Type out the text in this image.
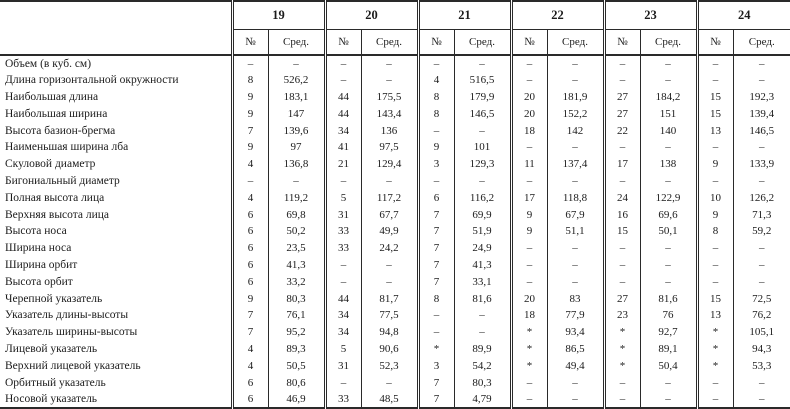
	19		20		21		22		23		24	
	№	Сред.	№	Сред.	№	Сред.	№	Сред.	№	Сред.	№	Сред.
Объем (в куб. см)	–	–	–	–	–	–	–	–	–	–	–	–
Длина горизонтальной окружности	8	526,2	–	–	4	516,5	–	–	–	–	–	–
Наибольшая длина	9	183,1	44	175,5	8	179,9	20	181,9	27	184,2	15	192,3
Наибольшая ширина	9	147	44	143,4	8	146,5	20	152,2	27	151	15	139,4
Высота базион-брегма	7	139,6	34	136	–	–	18	142	22	140	13	146,5
Наименьшая ширина лба	9	97	41	97,5	9	101	–	–	–	–	–	–
Скуловой диаметр	4	136,8	21	129,4	3	129,3	11	137,4	17	138	9	133,9
Бигониальный диаметр	–	–	–	–	–	–	–	–	–	–	–	–
Полная высота лица	4	119,2	5	117,2	6	116,2	17	118,8	24	122,9	10	126,2
Верхняя высота лица	6	69,8	31	67,7	7	69,9	9	67,9	16	69,6	9	71,3
Высота носа	6	50,2	33	49,9	7	51,9	9	51,1	15	50,1	8	59,2
Ширина носа	6	23,5	33	24,2	7	24,9	–	–	–	–	–	–
Ширина орбит	6	41,3	–	–	7	41,3	–	–	–	–	–	–
Высота орбит	6	33,2	–	–	7	33,1	–	–	–	–	–	–
Черепной указатель	9	80,3	44	81,7	8	81,6	20	83	27	81,6	15	72,5
Указатель длины-высоты	7	76,1	34	77,5	–	–	18	77,9	23	76	13	76,2
Указатель ширины-высоты	7	95,2	34	94,8	–	–	*	93,4	*	92,7	*	105,1
Лицевой указатель	4	89,3	5	90,6	*	89,9	*	86,5	*	89,1	*	94,3
Верхний лицевой указатель	4	50,5	31	52,3	3	54,2	*	49,4	*	50,4	*	53,3
Орбитный указатель	6	80,6	–	–	7	80,3	–	–	–	–	–	–
Носовой указатель	6	46,9	33	48,5	7	4,79	–	–	–	–	–	–
